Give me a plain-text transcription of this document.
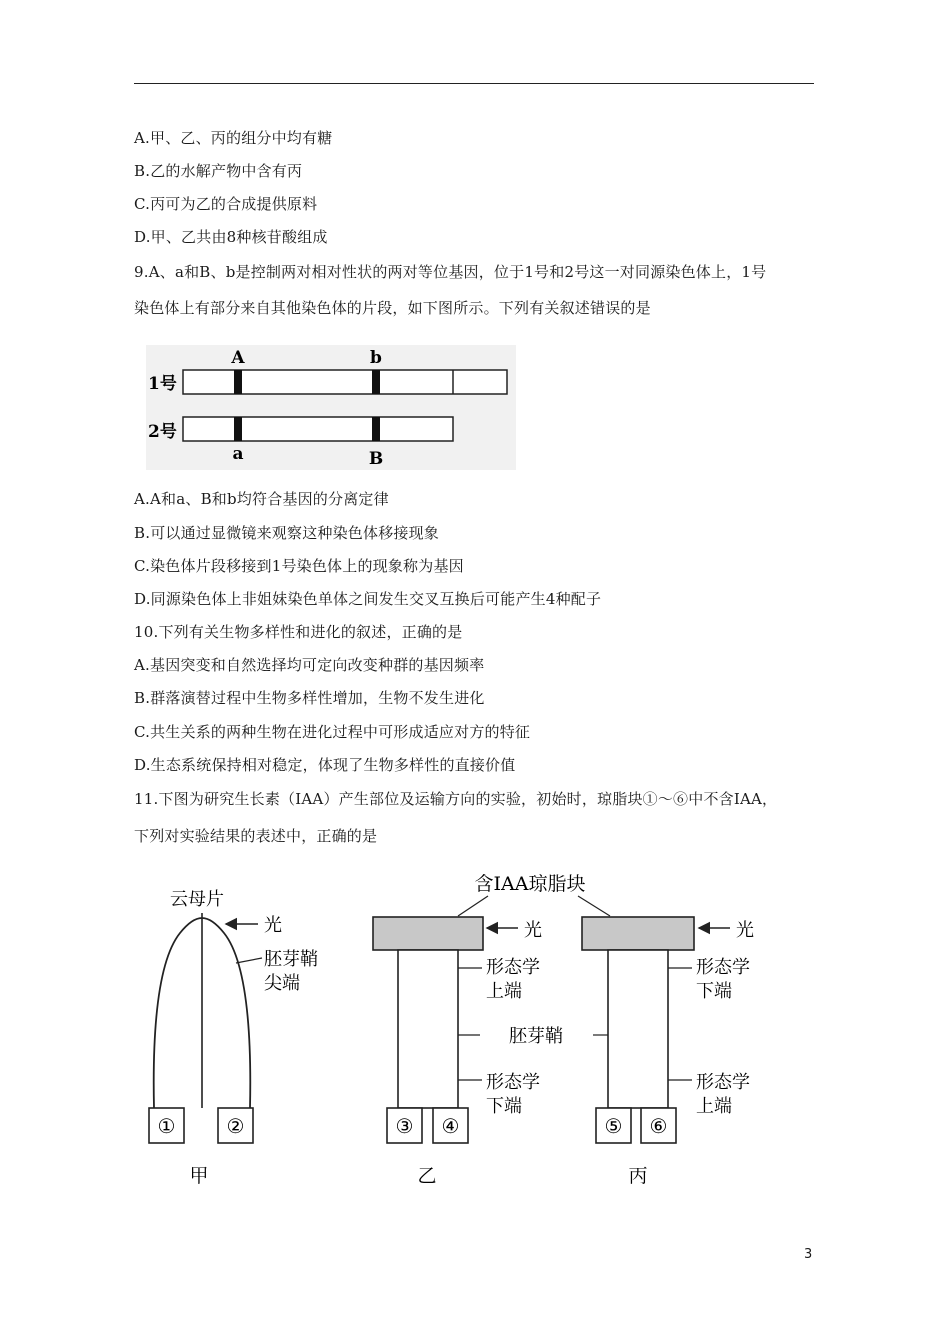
A.甲、乙、丙的组分中均有糖
B.乙的水解产物中含有丙
C.丙可为乙的合成提供原料
D.甲、乙共由8种核苷酸组成
9.A、a和B、b是控制两对相对性状的两对等位基因，位于1号和2号这一对同源染色体上，1号
染色体上有部分来自其他染色体的片段，如下图所示。下列有关叙述错误的是
A	b
1号
2号
a	B
A.A和a、B和b均符合基因的分离定律
B.可以通过显微镜来观察这种染色体移接现象
C.染色体片段移接到1号染色体上的现象称为基因
D.同源染色体上非姐妹染色单体之间发生交叉互换后可能产生4种配子
10.下列有关生物多样性和进化的叙述，正确的是
A.基因突变和自然选择均可定向改变种群的基因频率
B.群落演替过程中生物多样性增加，生物不发生进化
C.共生关系的两种生物在进化过程中可形成适应对方的特征
D.生态系统保持相对稳定，体现了生物多样性的直接价值
11.下图为研究生长素（IAA）产生部位及运输方向的实验，初始时，琼脂块①～⑥中不含IAA，
下列对实验结果的表述中，正确的是
云母片
光
胚芽鞘
尖端
①	②
甲
含IAA琼脂块
光
形态学
上端
胚芽鞘
形态学
下端
③ ④
乙
光
形态学
下端
形态学
上端
⑤ ⑥
丙
3
